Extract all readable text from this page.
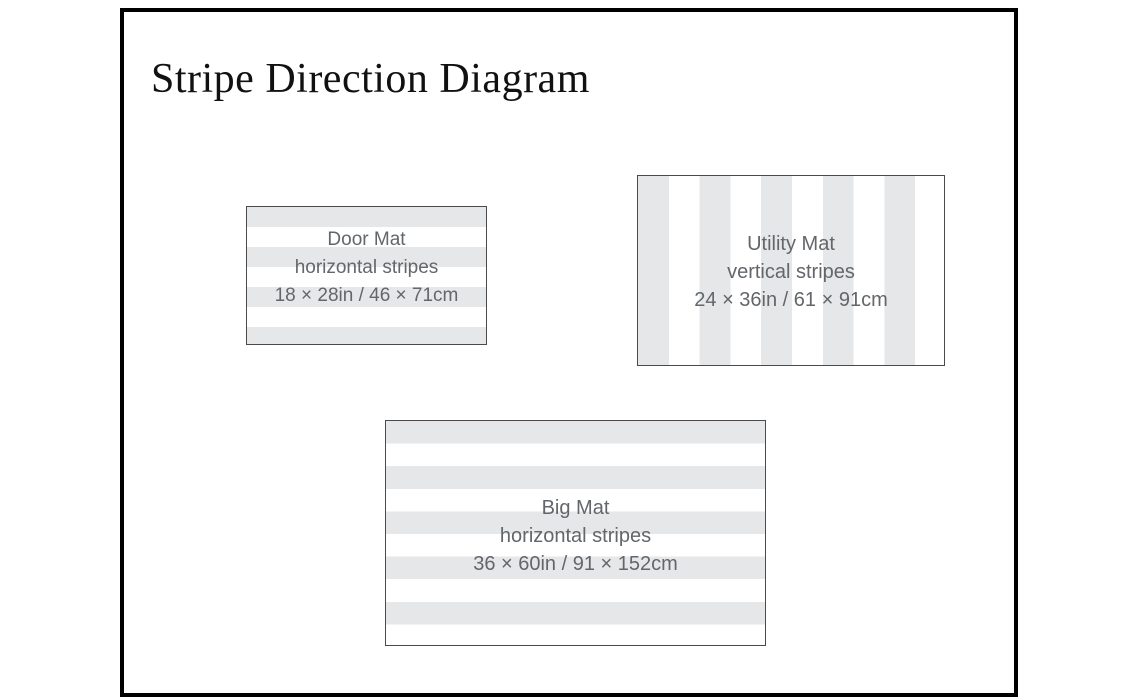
Stripe Direction Diagram
Door Mat
horizontal stripes
18 × 28in / 46 × 71cm
Utility Mat
vertical stripes
24 × 36in / 61 × 91cm
Big Mat
horizontal stripes
36 × 60in / 91 × 152cm
